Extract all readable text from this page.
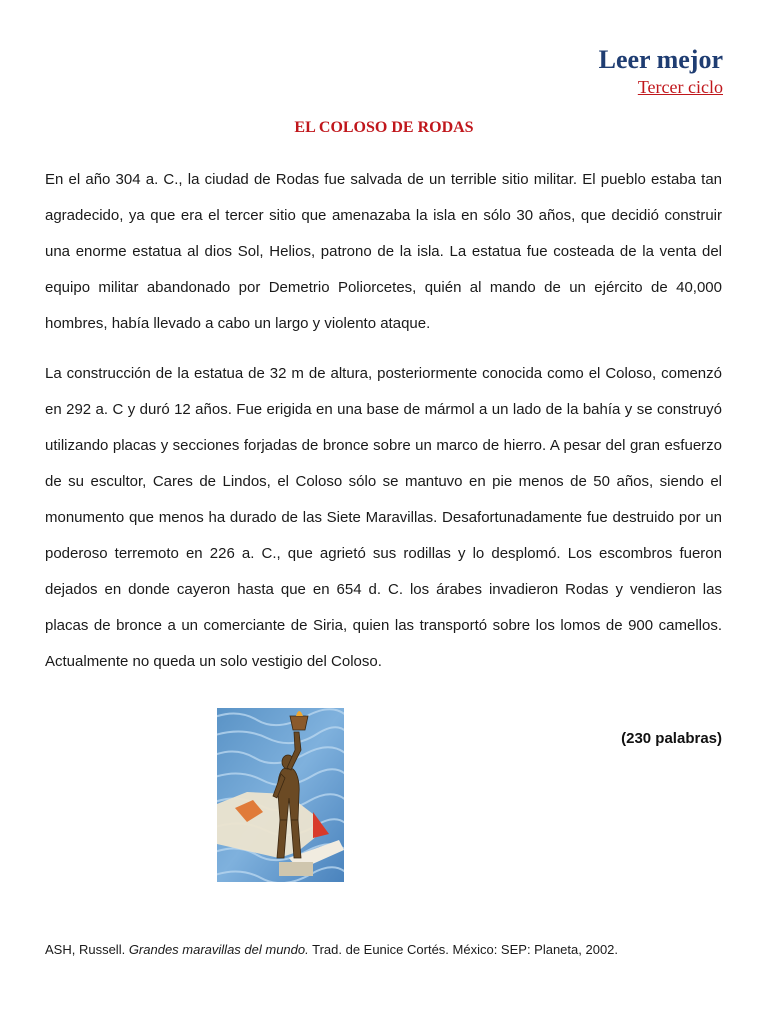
Leer mejor
Tercer ciclo
EL COLOSO DE RODAS

En el año 304 a. C., la ciudad de Rodas fue salvada de un terrible sitio militar. El pueblo estaba tan agradecido, ya que era el tercer sitio que amenazaba la isla en sólo 30 años, que decidió construir una enorme estatua al dios Sol, Helios, patrono de la isla. La estatua fue costeada de la venta del equipo militar abandonado por Demetrio Poliorcetes, quién al mando de un ejército de 40,000 hombres, había llevado a cabo un largo y violento ataque.

La construcción de la estatua de 32 m de altura, posteriormente conocida como el Coloso, comenzó en 292 a. C y duró 12 años. Fue erigida en una base de mármol a un lado de la bahía y se construyó utilizando placas y secciones forjadas de bronce sobre un marco de hierro. A pesar del gran esfuerzo de su escultor, Cares de Lindos, el Coloso sólo se mantuvo en pie menos de 50 años, siendo el monumento que menos ha durado de las Siete Maravillas. Desafortunadamente fue destruido por un poderoso terremoto en 226 a. C., que agrietó sus rodillas y lo desplomó. Los escombros fueron dejados en donde cayeron hasta que en 654 d. C. los árabes invadieron Rodas y vendieron las placas de bronce a un comerciante de Siria, quien las transportó sobre los lomos de 900 camellos. Actualmente no queda un solo vestigio del Coloso.

(230 palabras)
ASH, Russell. Grandes maravillas del mundo. Trad. de Eunice Cortés. México: SEP: Planeta, 2002.
